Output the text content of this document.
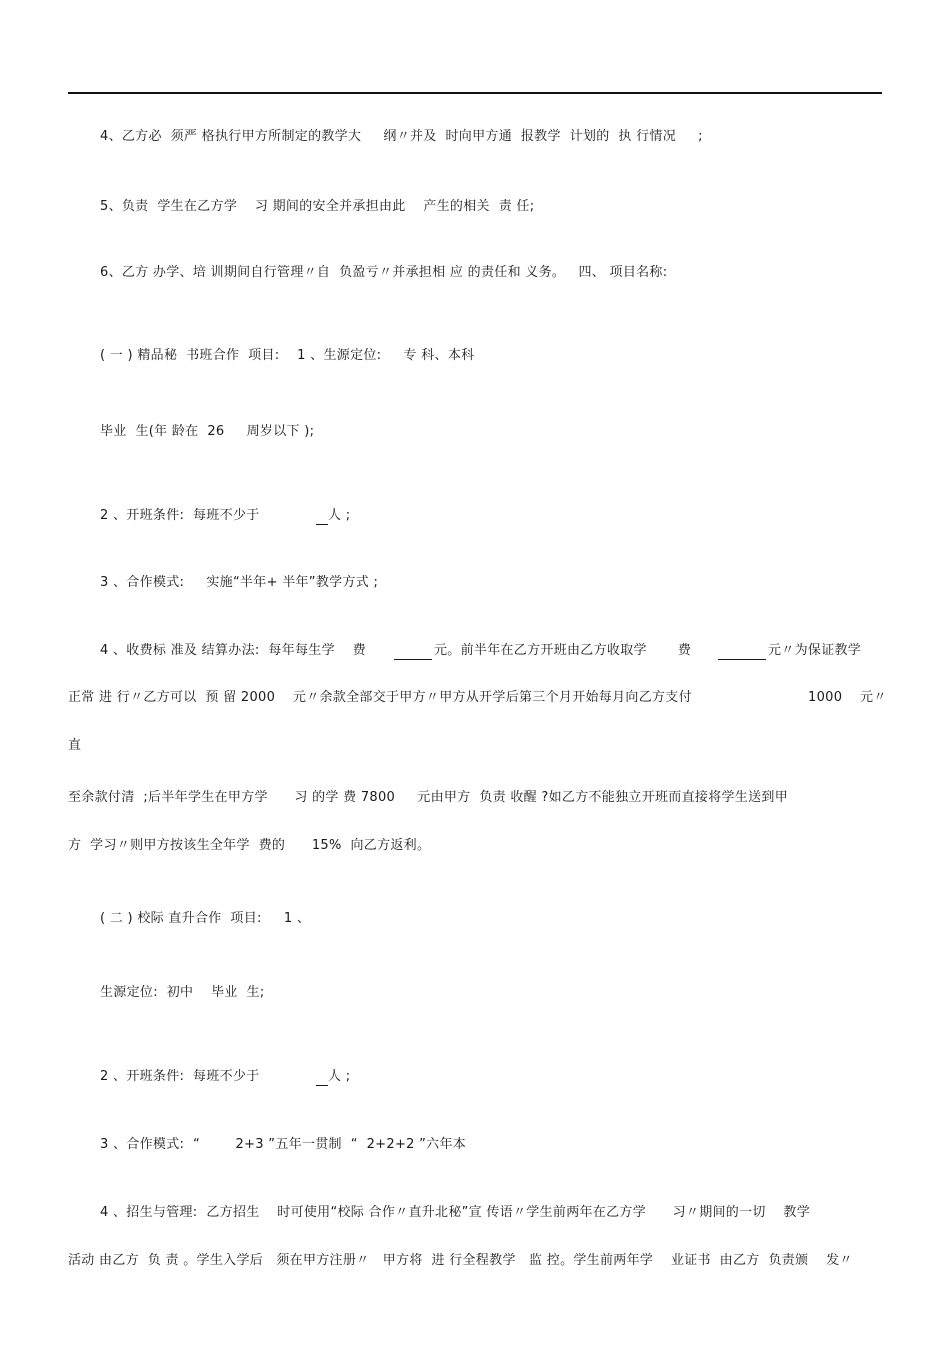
4、乙方必  须严 格执行甲方所制定的教学大     纲〃并及  时向甲方通  报教学  计划的  执 行情况     ;
5、负责  学生在乙方学    习 期间的安全并承担由此    产生的相关  责 任;
6、乙方 办学、培 训期间自行管理〃自  负盈亏〃并承担相 应 的责任和 义务。   四、 项目名称:
( 一 ) 精品秘  书班合作  项目:    1 、生源定位:     专 科、本科
毕业  生(年 龄在  26     周岁以下 );
2 、开班条件:  每班不少于	人 ;
3 、合作模式:     实施“半年+ 半年”教学方式 ;
4 、收费标 准及 结算办法:  每年每生学    费	元。前半年在乙方开班由乙方收取学       费	元〃为保证教学
正常 进 行〃乙方可以  预 留 2000    元〃余款全部交于甲方〃甲方从开学后第三个月开始每月向乙方支付	1000    元〃
直
至余款付清  ;后半年学生在甲方学      习 的学 费 7800     元由甲方  负责 收醒 ?如乙方不能独立开班而直接将学生送到甲
方  学习〃则甲方按该生全年学  费的      15%  向乙方返利。
( 二 ) 校际 直升合作  项目:     1 、
生源定位:  初中    毕业  生;
2 、开班条件:  每班不少于	人 ;
3 、合作模式:  “        2+3 ”五年一贯制  “  2+2+2 ”六年本
4 、招生与管理:  乙方招生    时可使用“校际 合作〃直升北秘”宣 传语〃学生前两年在乙方学      习〃期间的一切    教学
活动 由乙方  负 责 。学生入学后   须在甲方注册〃   甲方将  进 行全程教学   监 控。学生前两年学    业证书  由乙方  负责颁    发〃
